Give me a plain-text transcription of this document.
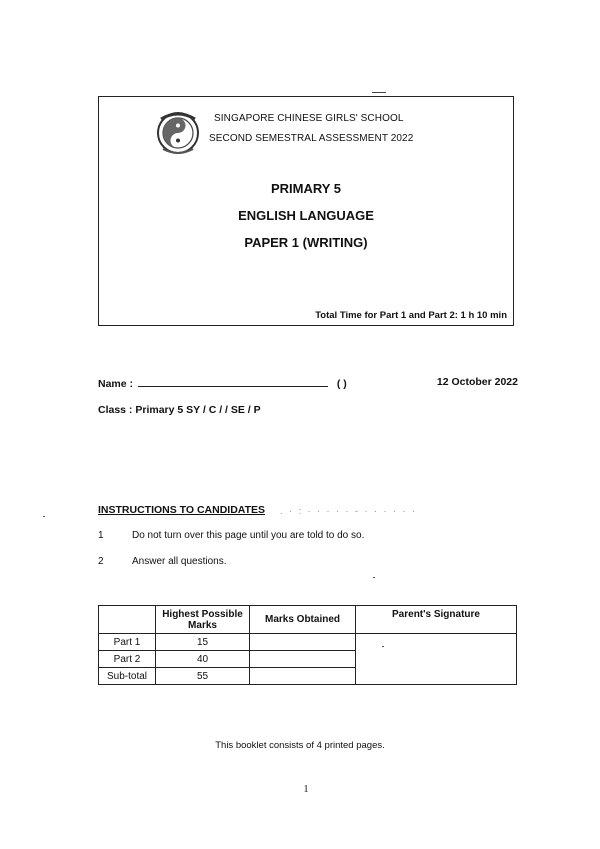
SINGAPORE CHINESE GIRLS' SCHOOL
SECOND SEMESTRAL ASSESSMENT 2022
PRIMARY 5
ENGLISH LANGUAGE
PAPER 1 (WRITING)
Total Time for Part 1 and Part 2: 1 h 10 min
Name :	( )	12 October 2022
Class : Primary 5 SY / C / / SE / P
INSTRUCTIONS TO CANDIDATES . · : · · · · · - · · · · · ·
1	Do not turn over this page until you are told to do so.
2	Answer all questions.
	Highest Possible Marks	Marks Obtained	Parent's Signature
Part 1	15		
Part 2	40		
Sub-total	55		
This booklet consists of 4 printed pages.
1
